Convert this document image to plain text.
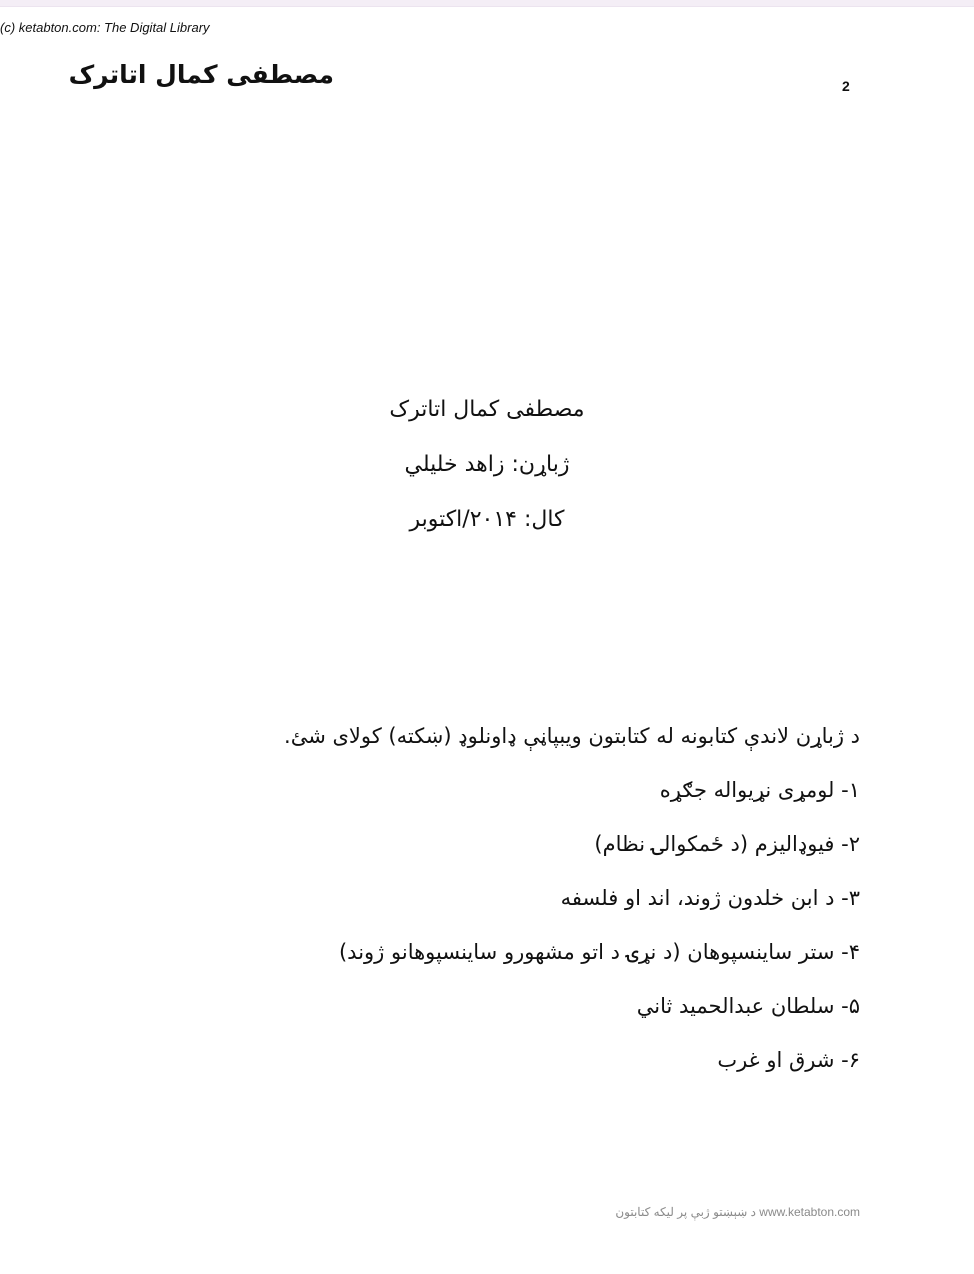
(c) ketabton.com: The Digital Library
مصطفی کمال اتاترک	2
مصطفی کمال اتاترک
ژباړن: زاهد خلیلي
کال: ۲۰۱۴/اکتوبر
د ژباړن لاندې کتابونه له کتابتون ویبپاڼې ډاونلوډ (ښکته) کولای شئ.
۱- لومړی نړیواله جګړه
۲- فیوډالیزم (د ځمکوالۍ نظام)
۳- د ابن خلدون ژوند، اند او فلسفه
۴- ستر ساینسپوهان (د نړۍ د اتو مشهورو ساینسپوهانو ژوند)
۵- سلطان عبدالحمید ثاني
۶- شرق او غرب
د ښېښتو ژبې پر لیکه کتابتون www.ketabton.com
